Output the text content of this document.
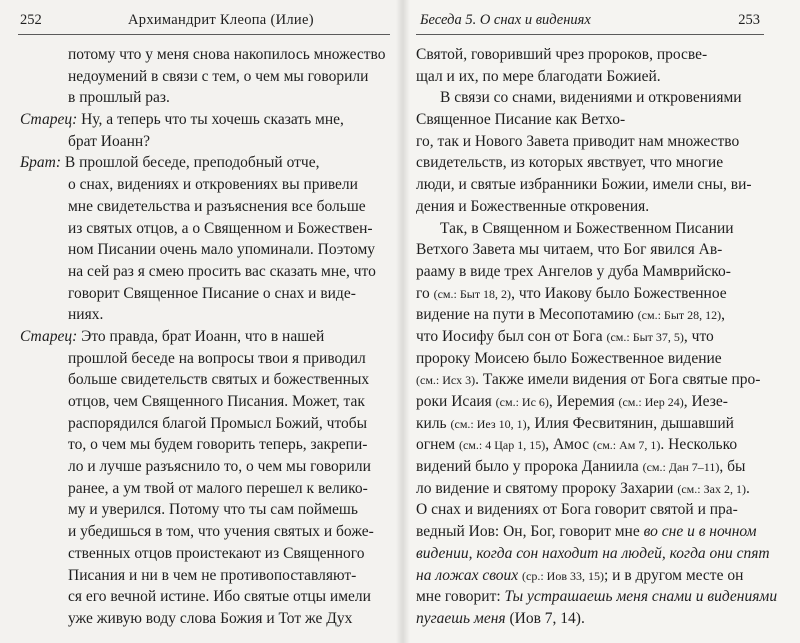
252	Архимандрит Клеопа (Илие)
потому что у меня снова накопилось множество
недоумений в связи с тем, о чем мы говорили
в прошлый раз.
Старец: Ну, а теперь что ты хочешь сказать мне,
брат Иоанн?
Брат: В прошлой беседе, преподобный отче,
о снах, видениях и откровениях вы привели
мне свидетельства и разъяснения все больше
из святых отцов, а о Священном и Божествен-
ном Писании очень мало упоминали. Поэтому
на сей раз я смею просить вас сказать мне, что
говорит Священное Писание о снах и виде-
ниях.
Старец: Это правда, брат Иоанн, что в нашей
прошлой беседе на вопросы твои я приводил
больше свидетельств святых и божественных
отцов, чем Священного Писания. Может, так
распорядился благой Промысл Божий, чтобы
то, о чем мы будем говорить теперь, закрепи-
ло и лучше разъяснило то, о чем мы говорили
ранее, а ум твой от малого перешел к велико-
му и уверился. Потому что ты сам поймешь
и убедишься в том, что учения святых и боже-
ственных отцов проистекают из Священного
Писания и ни в чем не противопоставляют-
ся его вечной истине. Ибо святые отцы имели
уже живую воду слова Божия и Тот же Дух
Беседа 5. О снах и видениях	253
Святой, говоривший чрез пророков, просве-
щал и их, по мере благодати Божией.
В связи со снами, видениями и откровениями
Священное Писание как Ветхо-
го, так и Нового Завета приводит нам множество
свидетельств, из которых явствует, что многие
люди, и святые избранники Божии, имели сны, ви-
дения и Божественные откровения.
Так, в Священном и Божественном Писании
Ветхого Завета мы читаем, что Бог явился Ав-
рааму в виде трех Ангелов у дуба Мамврийско-
го (см.: Быт 18, 2), что Иакову было Божественное
видение на пути в Месопотамию (см.: Быт 28, 12),
что Иосифу был сон от Бога (см.: Быт 37, 5), что
пророку Моисею было Божественное видение
(см.: Исх 3). Также имели видения от Бога святые про-
роки Исаия (см.: Ис 6), Иеремия (см.: Иер 24), Иезе-
киль (см.: Иез 10, 1), Илия Фесвитянин, дышавший
огнем (см.: 4 Цар 1, 15), Амос (см.: Ам 7, 1). Несколько
видений было у пророка Даниила (см.: Дан 7–11), бы
ло видение и святому пророку Захарии (см.: Зах 2, 1).
О снах и видениях от Бога говорит святой и пра-
ведный Иов: Он, Бог, говорит мне во сне и в ночном
видении, когда сон находит на людей, когда они спят
на ложах своих (ср.: Иов 33, 15); и в другом месте он
мне говорит: Ты устрашаешь меня снами и видениями
пугаешь меня (Иов 7, 14).
